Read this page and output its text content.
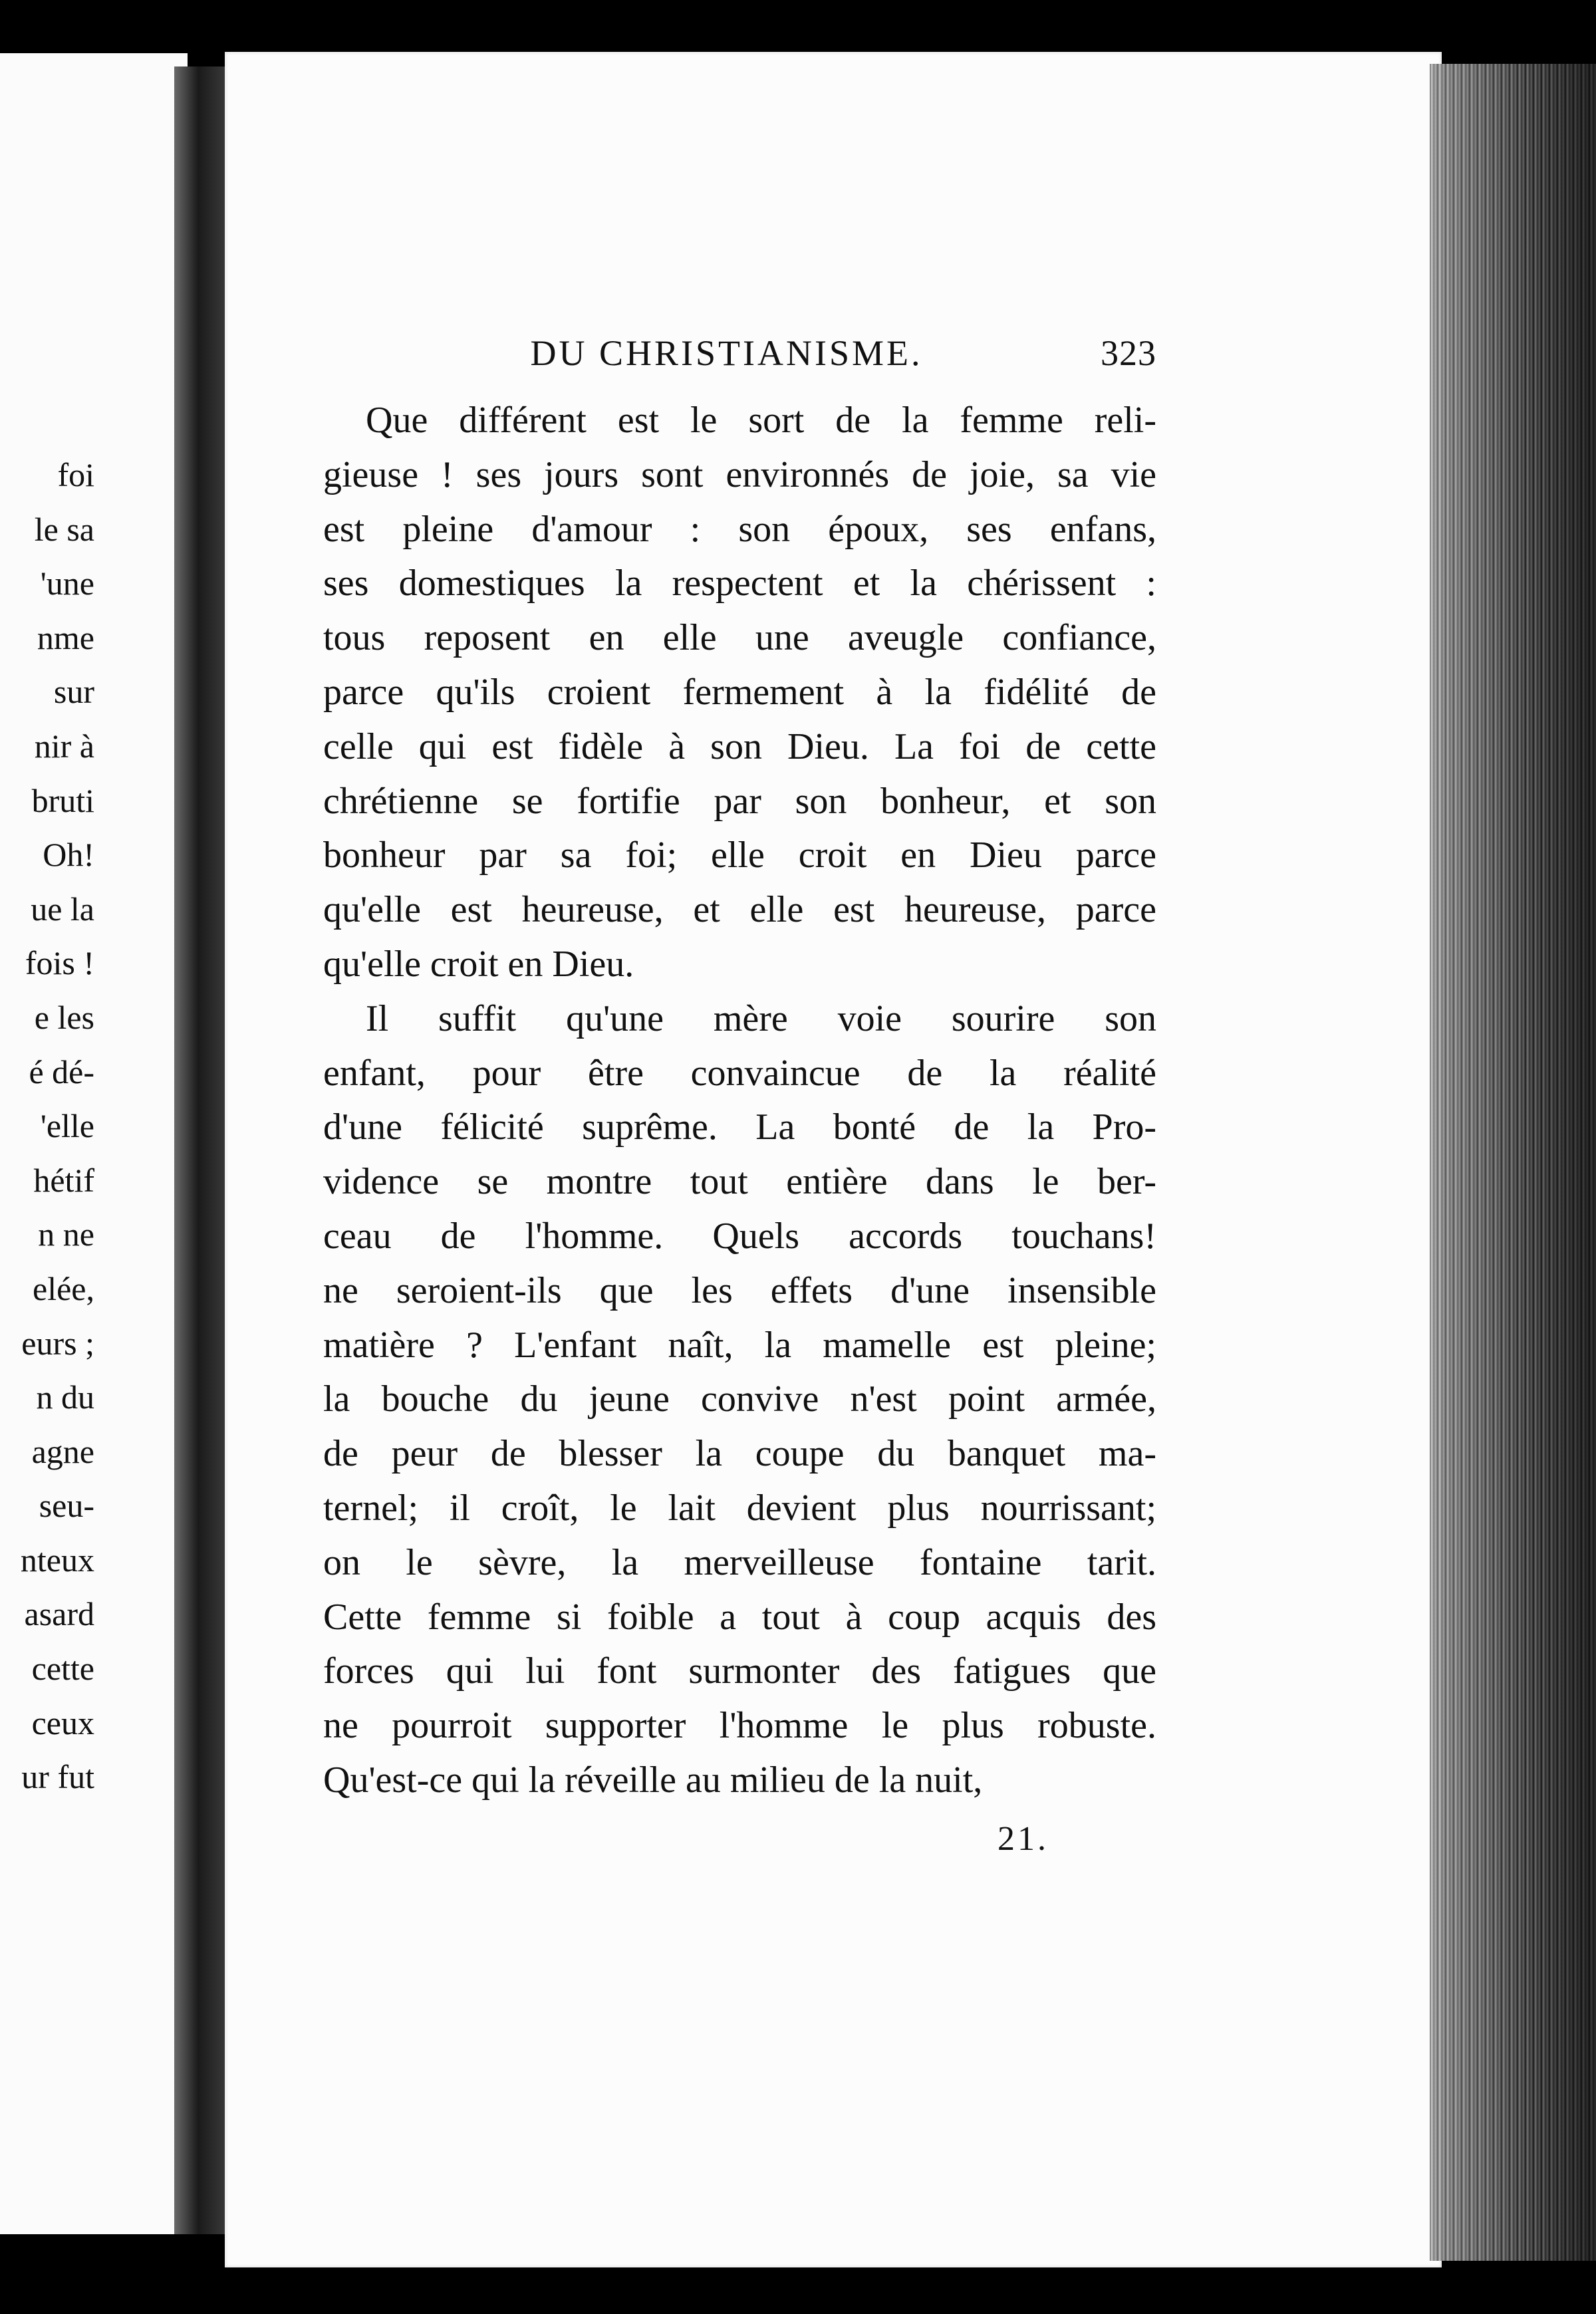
foi
le sa
'une
nme
sur
nir à
bruti
Oh!
ue la
fois !
e les
é dé-
'elle
hétif
n ne
elée,
eurs ;
n du
agne
seu-
nteux
asard
cette
ceux
ur fut
DU CHRISTIANISME.	323
Que différent est le sort de la femme reli-
gieuse ! ses jours sont environnés de joie, sa vie
est pleine d'amour : son époux, ses enfans,
ses domestiques la respectent et la chérissent :
tous reposent en elle une aveugle confiance,
parce qu'ils croient fermement à la fidélité de
celle qui est fidèle à son Dieu. La foi de cette
chrétienne se fortifie par son bonheur, et son
bonheur par sa foi; elle croit en Dieu parce
qu'elle est heureuse, et elle est heureuse, parce
qu'elle croit en Dieu.
Il suffit qu'une mère voie sourire son
enfant, pour être convaincue de la réalité
d'une félicité suprême. La bonté de la Pro-
vidence se montre tout entière dans le ber-
ceau de l'homme. Quels accords touchans!
ne seroient-ils que les effets d'une insensible
matière ? L'enfant naît, la mamelle est pleine;
la bouche du jeune convive n'est point armée,
de peur de blesser la coupe du banquet ma-
ternel; il croît, le lait devient plus nourrissant;
on le sèvre, la merveilleuse fontaine tarit.
Cette femme si foible a tout à coup acquis des
forces qui lui font surmonter des fatigues que
ne pourroit supporter l'homme le plus robuste.
Qu'est-ce qui la réveille au milieu de la nuit,
21.
